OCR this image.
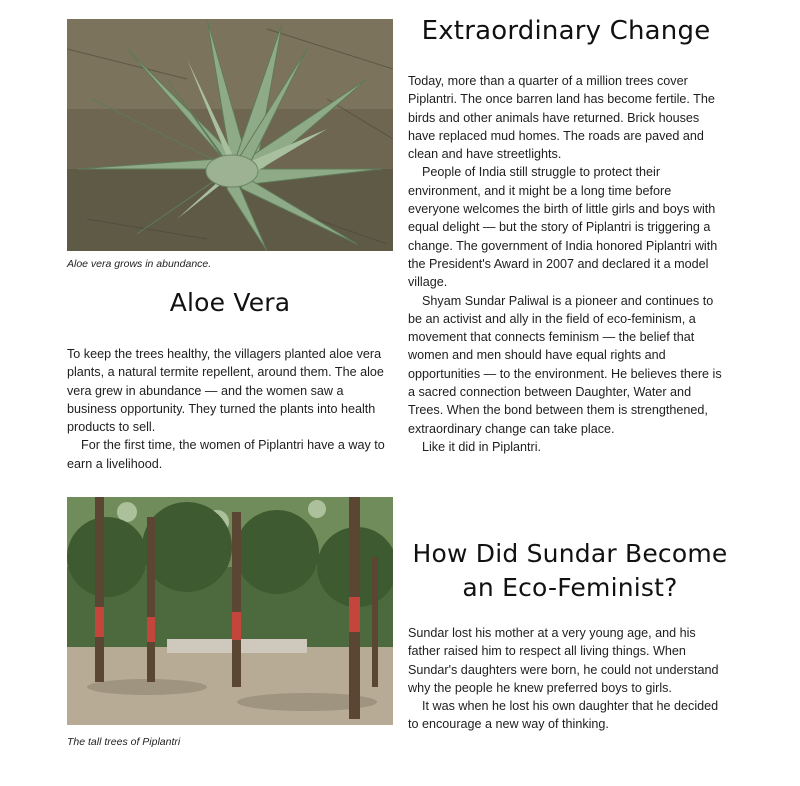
Aloe vera grows in abundance.
Aloe Vera

To keep the trees healthy, the villagers planted aloe vera plants, a natural termite repellent, around them. The aloe vera grew in abundance — and the women saw a business opportunity. They turned the plants into health products to sell.

For the first time, the women of Piplantri have a way to earn a livelihood.

The tall trees of Piplantri
Extraordinary Change

Today, more than a quarter of a million trees cover Piplantri. The once barren land has become fertile. The birds and other animals have returned. Brick houses have replaced mud homes. The roads are paved and clean and have streetlights.

People of India still struggle to protect their environment, and it might be a long time before everyone welcomes the birth of little girls and boys with equal delight — but the story of Piplantri is triggering a change. The government of India honored Piplantri with the President's Award in 2007 and declared it a model village.

Shyam Sundar Paliwal is a pioneer and continues to be an activist and ally in the field of eco-feminism, a movement that connects feminism — the belief that women and men should have equal rights and opportunities — to the environment. He believes there is a sacred connection between Daughter, Water and Trees. When the bond between them is strengthened, extraordinary change can take place.

Like it did in Piplantri.

How Did Sundar Become
an Eco-Feminist?

Sundar lost his mother at a very young age, and his father raised him to respect all living things. When Sundar's daughters were born, he could not understand why the people he knew preferred boys to girls.

It was when he lost his own daughter that he decided to encourage a new way of thinking.
